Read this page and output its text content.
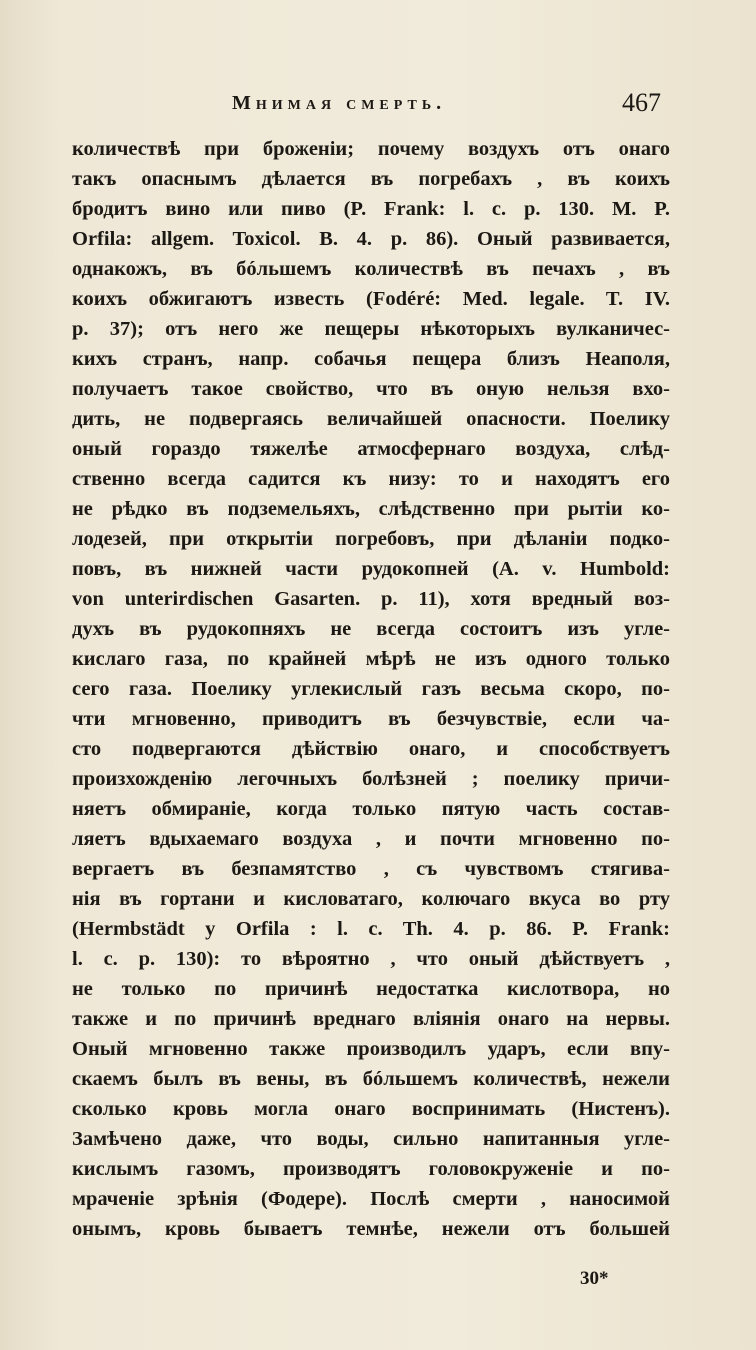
Мнимая смерть.	467
количествѣ при броженіи; почему воздухъ отъ онаго
такъ опаснымъ дѣлается въ погребахъ , въ коихъ
бродитъ вино или пиво (P. Frank: l. c. p. 130. M. P.
Orfila: allgem. Toxicol. B. 4. p. 86). Оный развивается,
однакожъ, въ бóльшемъ количествѣ въ печахъ , въ
коихъ обжигаютъ известь (Fodéré: Med. legale. T. IV.
p. 37); отъ него же пещеры нѣкоторыхъ вулканичес-
кихъ странъ, напр. собачья пещера близъ Неаполя,
получаетъ такое свойство, что въ оную нельзя вхо-
дить, не подвергаясь величайшей опасности. Поелику
оный гораздо тяжелѣе атмосфернаго воздуха, слѣд-
ственно всегда садится къ низу: то и находятъ его
не рѣдко въ подземельяхъ, слѣдственно при рытіи ко-
лодезей, при открытіи погребовъ, при дѣланіи подко-
повъ, въ нижней части рудокопней (A. v. Humbold:
von unterirdischen Gasarten. p. 11), хотя вредный воз-
духъ въ рудокопняхъ не всегда состоитъ изъ угле-
кислаго газа, по крайней мѣрѣ не изъ одного только
сего газа. Поелику углекислый газъ весьма скоро, по-
чти мгновенно, приводитъ въ безчувствіе, если ча-
сто подвергаются дѣйствію онаго, и способствуетъ
произхожденію легочныхъ болѣзней ; поелику причи-
няетъ обмираніе, когда только пятую часть состав-
ляетъ вдыхаемаго воздуха , и почти мгновенно по-
вергаетъ въ безпамятство , съ чувствомъ стягива-
нія въ гортани и кисловатаго, колючаго вкуса во рту
(Hermbstädt у Orfila : l. c. Th. 4. p. 86. P. Frank:
l. c. p. 130): то вѣроятно , что оный дѣйствуетъ ,
не только по причинѣ недостатка кислотвора, но
также и по причинѣ вреднаго вліянія онаго на нервы.
Оный мгновенно также производилъ ударъ, если впу-
скаемъ былъ въ вены, въ бóльшемъ количествѣ, нежели
сколько кровь могла онаго воспринимать (Нистенъ).
Замѣчено даже, что воды, сильно напитанныя угле-
кислымъ газомъ, производятъ головокруженіе и по-
мраченіе зрѣнія (Фодере). Послѣ смерти , наносимой
онымъ, кровь бываетъ темнѣе, нежели отъ большей
30*
